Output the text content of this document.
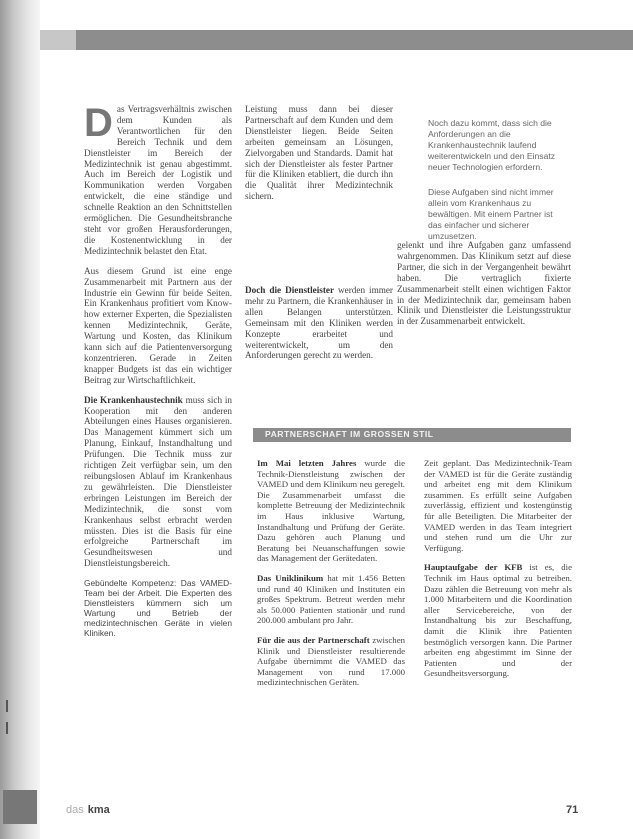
Das Vertragsverhältnis zwischen dem Kunden als Verantwortlichen für den Bereich Technik und dem Dienstleister im Bereich der Medizintechnik ist genau abgestimmt. Auch im Bereich der Logistik und Kommunikation werden Vorgaben entwickelt, die eine ständige und schnelle Reaktion an den Schnittstellen ermöglichen. Die Gesundheitsbranche steht vor großen Herausforderungen, die Kostenentwicklung in der Medizintechnik belastet den Etat.

Aus diesem Grund ist eine enge Zusammenarbeit mit Partnern aus der Industrie ein Gewinn für beide Seiten. Ein Krankenhaus profitiert vom Know-how externer Experten, die Spezialisten kennen Medizintechnik, Geräte, Wartung und Kosten, das Klinikum kann sich auf die Patientenversorgung konzentrieren. Gerade in Zeiten knapper Budgets ist das ein wichtiger Beitrag zur Wirtschaftlichkeit.

Die Krankenhaustechnik muss sich in Kooperation mit den anderen Abteilungen eines Hauses organisieren. Das Management kümmert sich um Planung, Einkauf, Instandhaltung und Prüfungen. Die Technik muss zur richtigen Zeit verfügbar sein, um den reibungslosen Ablauf im Krankenhaus zu gewährleisten. Die Dienstleister erbringen Leistungen im Bereich der Medizintechnik, die sonst vom Krankenhaus selbst erbracht werden müssten. Dies ist die Basis für eine erfolgreiche Partnerschaft im Gesundheitswesen und Dienstleistungsbereich.

Gebündelte Kompetenz: Das VAMED-Team bei der Arbeit. Die Experten des Dienstleisters kümmern sich um Wartung und Betrieb der medizintechnischen Geräte in vielen Kliniken.

Leistung muss dann bei dieser Partnerschaft auf dem Kunden und dem Dienstleister liegen. Beide Seiten arbeiten gemeinsam an Lösungen, Zielvorgaben und Standards. Damit hat sich der Dienstleister als fester Partner für die Kliniken etabliert, die durch ihn die Qualität ihrer Medizintechnik sichern.

Doch die Dienstleister werden immer mehr zu Partnern, die Krankenhäuser in allen Belangen unterstützen. Gemeinsam mit den Kliniken werden Konzepte erarbeitet und weiterentwickelt, um den Anforderungen gerecht zu werden.

Noch dazu kommt, dass sich die Anforderungen an die Krankenhaustechnik laufend weiterentwickeln und den Einsatz neuer Technologien erfordern.

Diese Aufgaben sind nicht immer allein vom Krankenhaus zu bewältigen. Mit einem Partner ist das einfacher und sicherer umzusetzen.

gelenkt und ihre Aufgaben ganz umfassend wahrgenommen. Das Klinikum setzt auf diese Partner, die sich in der Vergangenheit bewährt haben. Die vertraglich fixierte Zusammenarbeit stellt einen wichtigen Faktor in der Medizintechnik dar, gemeinsam haben Klinik und Dienstleister die Leistungsstruktur in der Zusammenarbeit entwickelt.

PARTNERSCHAFT IM GROSSEN STIL

Im Mai letzten Jahres wurde die Technik-Dienstleistung zwischen der VAMED und dem Klinikum neu geregelt. Die Zusammenarbeit umfasst die komplette Betreuung der Medizintechnik im Haus inklusive Wartung, Instandhaltung und Prüfung der Geräte. Dazu gehören auch Planung und Beratung bei Neuanschaffungen sowie das Management der Gerätedaten.

Das Uniklinikum hat mit 1.456 Betten und rund 40 Kliniken und Instituten ein großes Spektrum. Betreut werden mehr als 50.000 Patienten stationär und rund 200.000 ambulant pro Jahr.

Für die aus der Partnerschaft zwischen Klinik und Dienstleister resultierende Aufgabe übernimmt die VAMED das Management von rund 17.000 medizintechnischen Geräten.

Zeit geplant. Das Medizintechnik-Team der VAMED ist für die Geräte zuständig und arbeitet eng mit dem Klinikum zusammen. Es erfüllt seine Aufgaben zuverlässig, effizient und kostengünstig für alle Beteiligten. Die Mitarbeiter der VAMED werden in das Team integriert und stehen rund um die Uhr zur Verfügung.

Hauptaufgabe der KFB ist es, die Technik im Haus optimal zu betreiben. Dazu zählen die Betreuung von mehr als 1.000 Mitarbeitern und die Koordination aller Servicebereiche, von der Instandhaltung bis zur Beschaffung, damit die Klinik ihre Patienten bestmöglich versorgen kann. Die Partner arbeiten eng abgestimmt im Sinne der Patienten und der Gesundheitsversorgung.

das kma	71
